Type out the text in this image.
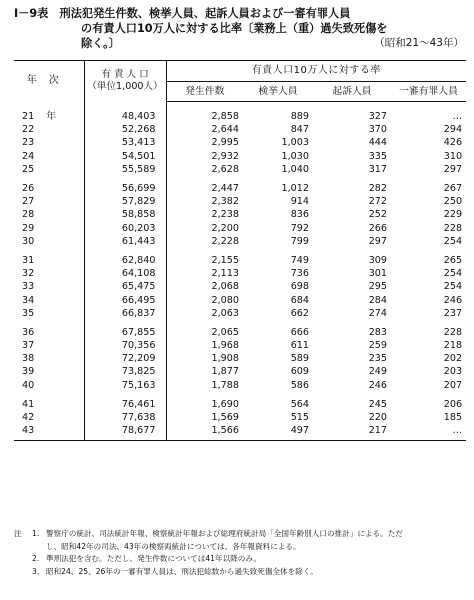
Ⅰ－9表　刑法犯発生件数、検挙人員、起訴人員および一審有罪人員
の有責人口10万人に対する比率〔業務上（重）過失致死傷を
除く。〕	（昭和21～43年）
年次	有 責 人 口
（単位1,000人）	有責人口10万人に対する率			
		発生件数	検挙人員	起訴人員	一審有罪人員
21 年	48,403	2,858	889	327	…
22	52,268	2,644	847	370	294
23	53,413	2,995	1,003	444	426
24	54,501	2,932	1,030	335	310
25	55,589	2,628	1,040	317	297
26	56,699	2,447	1,012	282	267
27	57,829	2,382	914	272	250
28	58,858	2,238	836	252	229
29	60,203	2,200	792	266	228
30	61,443	2,228	799	297	254
31	62,840	2,155	749	309	265
32	64,108	2,113	736	301	254
33	65,475	2,068	698	295	254
34	66,495	2,080	684	284	246
35	66,837	2,063	662	274	237
36	67,855	2,065	666	283	228
37	70,356	1,968	611	259	218
38	72,209	1,908	589	235	202
39	73,825	1,877	609	249	203
40	75,163	1,788	586	246	207
41	76,461	1,690	564	245	206
42	77,638	1,569	515	220	185
43	78,677	1,566	497	217	…
注 1. 警察庁の統計、司法統計年報、検察統計年報および総理府統計局「全国年齢別人口の推計」による。ただ
し、昭和42年の司法、43年の検察両統計については、各年報資料による。
2. 準刑法犯を含む。ただし、発生件数については41年以降のみ。
3. 昭和24、25、26年の一審有罪人員は、刑法犯総数から過失致死傷全体を除く。
